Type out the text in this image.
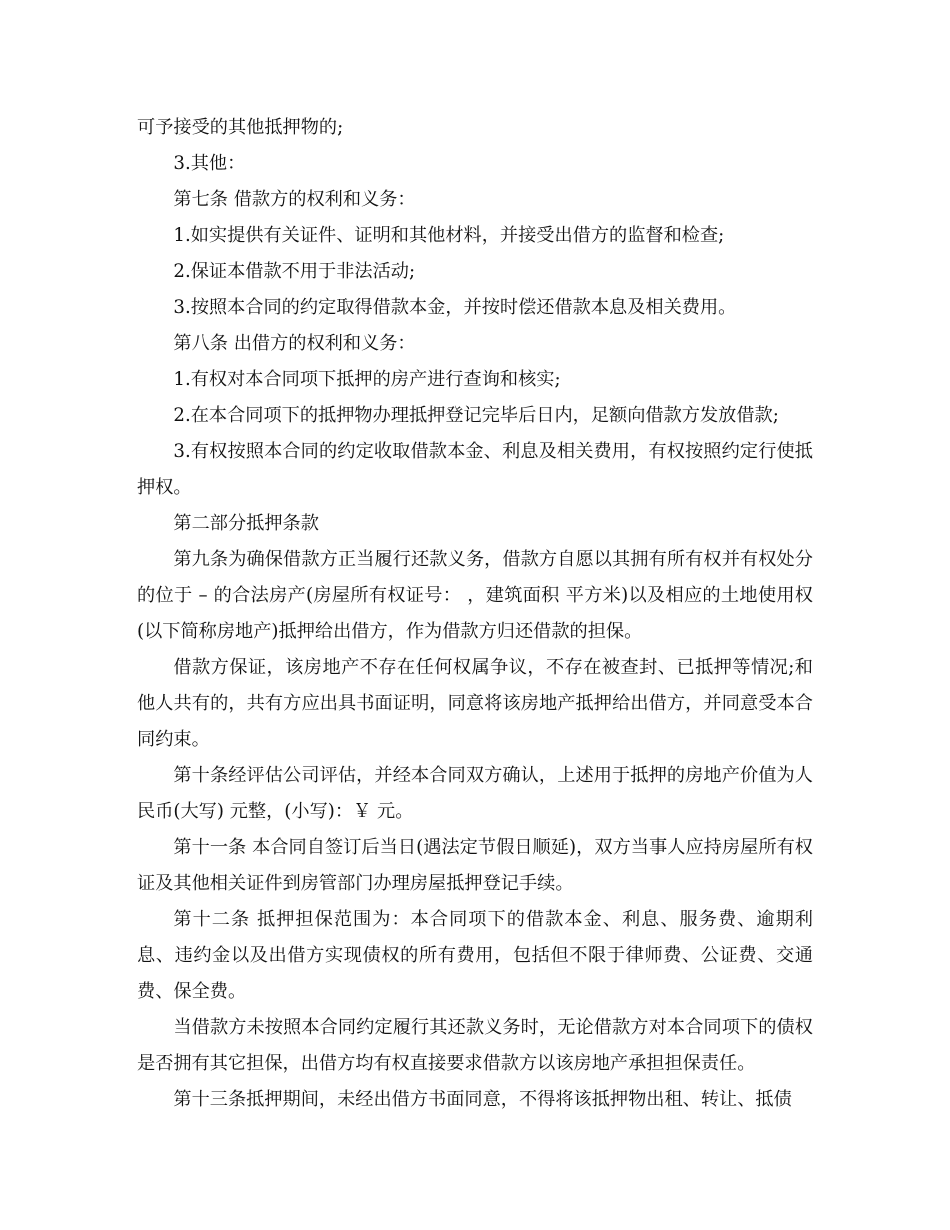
可予接受的其他抵押物的;

3.其他：

第七条 借款方的权利和义务：

1.如实提供有关证件、证明和其他材料，并接受出借方的监督和检查;

2.保证本借款不用于非法活动;

3.按照本合同的约定取得借款本金，并按时偿还借款本息及相关费用。

第八条 出借方的权利和义务：

1.有权对本合同项下抵押的房产进行查询和核实;

2.在本合同项下的抵押物办理抵押登记完毕后日内，足额向借款方发放借款;

3.有权按照本合同的约定收取借款本金、利息及相关费用，有权按照约定行使抵押权。

第二部分抵押条款

第九条为确保借款方正当履行还款义务，借款方自愿以其拥有所有权并有权处分的位于 – 的合法房产(房屋所有权证号： ，建筑面积 平方米)以及相应的土地使用权(以下简称房地产)抵押给出借方，作为借款方归还借款的担保。

借款方保证，该房地产不存在任何权属争议，不存在被查封、已抵押等情况;和他人共有的，共有方应出具书面证明，同意将该房地产抵押给出借方，并同意受本合同约束。

第十条经评估公司评估，并经本合同双方确认，上述用于抵押的房地产价值为人民币(大写) 元整，(小写)：￥ 元。

第十一条 本合同自签订后当日(遇法定节假日顺延)，双方当事人应持房屋所有权证及其他相关证件到房管部门办理房屋抵押登记手续。

第十二条 抵押担保范围为：本合同项下的借款本金、利息、服务费、逾期利息、违约金以及出借方实现债权的所有费用，包括但不限于律师费、公证费、交通费、保全费。

当借款方未按照本合同约定履行其还款义务时，无论借款方对本合同项下的债权是否拥有其它担保，出借方均有权直接要求借款方以该房地产承担担保责任。

第十三条抵押期间，未经出借方书面同意，不得将该抵押物出租、转让、抵债
